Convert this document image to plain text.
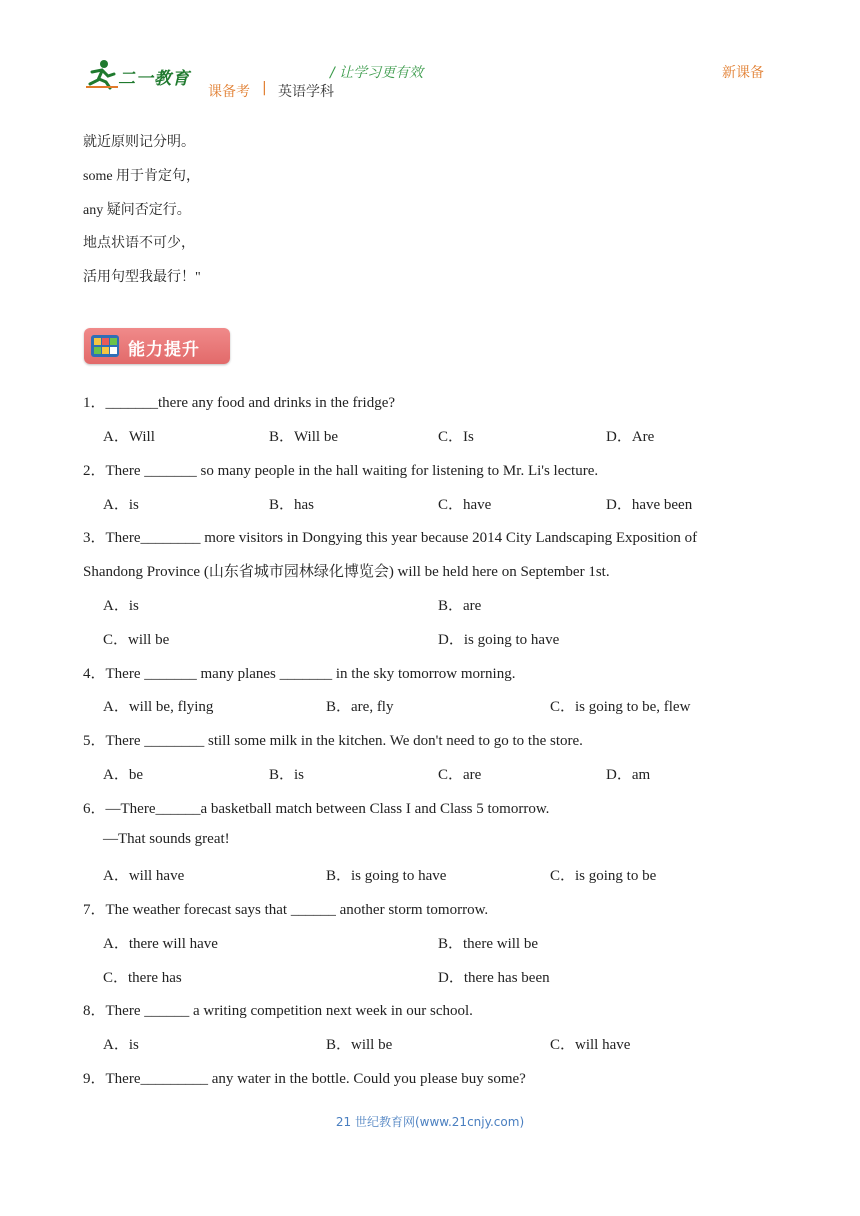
二一教育	/ 让学习更有效	新课备
课备考 | 英语学科
就近原则记分明。
some 用于肯定句，
any 疑问否定行。
地点状语不可少，
活用句型我最行！"
能力提升
1．_______there any food and drinks in the fridge?
A．Will	B．Will be	C．Is	D．Are
2．There _______ so many people in the hall waiting for listening to Mr. Li's lecture.
A．is	B．has	C．have	D．have been
3．There________ more visitors in Dongying this year because 2014 City Landscaping Exposition of
Shandong Province (山东省城市园林绿化博览会) will be held here on September 1st.
A．is	B．are
C．will be	D．is going to have
4．There _______ many planes _______ in the sky tomorrow morning.
A．will be, flying	B．are, fly	C．is going to be, flew
5．There ________ still some milk in the kitchen. We don't need to go to the store.
A．be	B．is	C．are	D．am
6．—There______a basketball match between Class I and Class 5 tomorrow.
—That sounds great!
A．will have	B．is going to have	C．is going to be
7．The weather forecast says that ______ another storm tomorrow.
A．there will have	B．there will be
C．there has	D．there has been
8．There ______ a writing competition next week in our school.
A．is	B．will be	C．will have
9．There_________ any water in the bottle. Could you please buy some?
21 世纪教育网(www.21cnjy.com)
